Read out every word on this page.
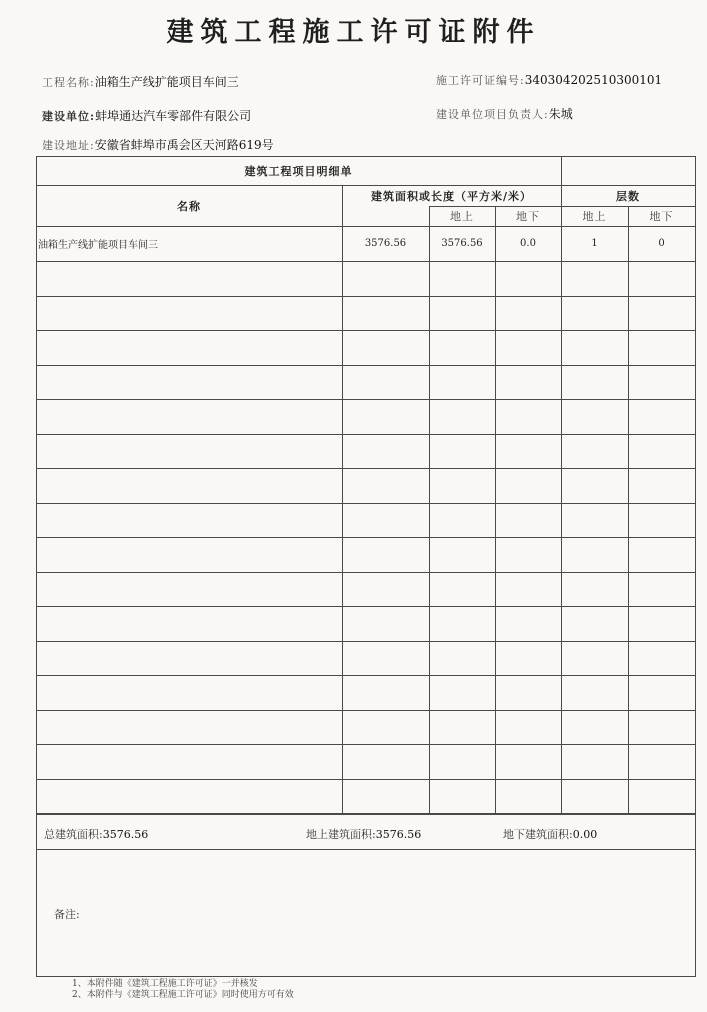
建筑工程施工许可证附件
工程名称:油箱生产线扩能项目车间三	施工许可证编号:340304202510300101
建设单位:蚌埠通达汽车零部件有限公司	建设单位项目负责人:朱城
建设地址:安徽省蚌埠市禹会区天河路619号
建筑工程项目明细单
名称
建筑面积或长度（平方米/米）	层数
地上	地下	地上	地下
油箱生产线扩能项目车间三	3576.56	3576.56	0.0	1	0
总建筑面积:3576.56	地上建筑面积:3576.56	地下建筑面积:0.00
备注:
1、本附件随《建筑工程施工许可证》一并核发
2、本附件与《建筑工程施工许可证》同时使用方可有效
